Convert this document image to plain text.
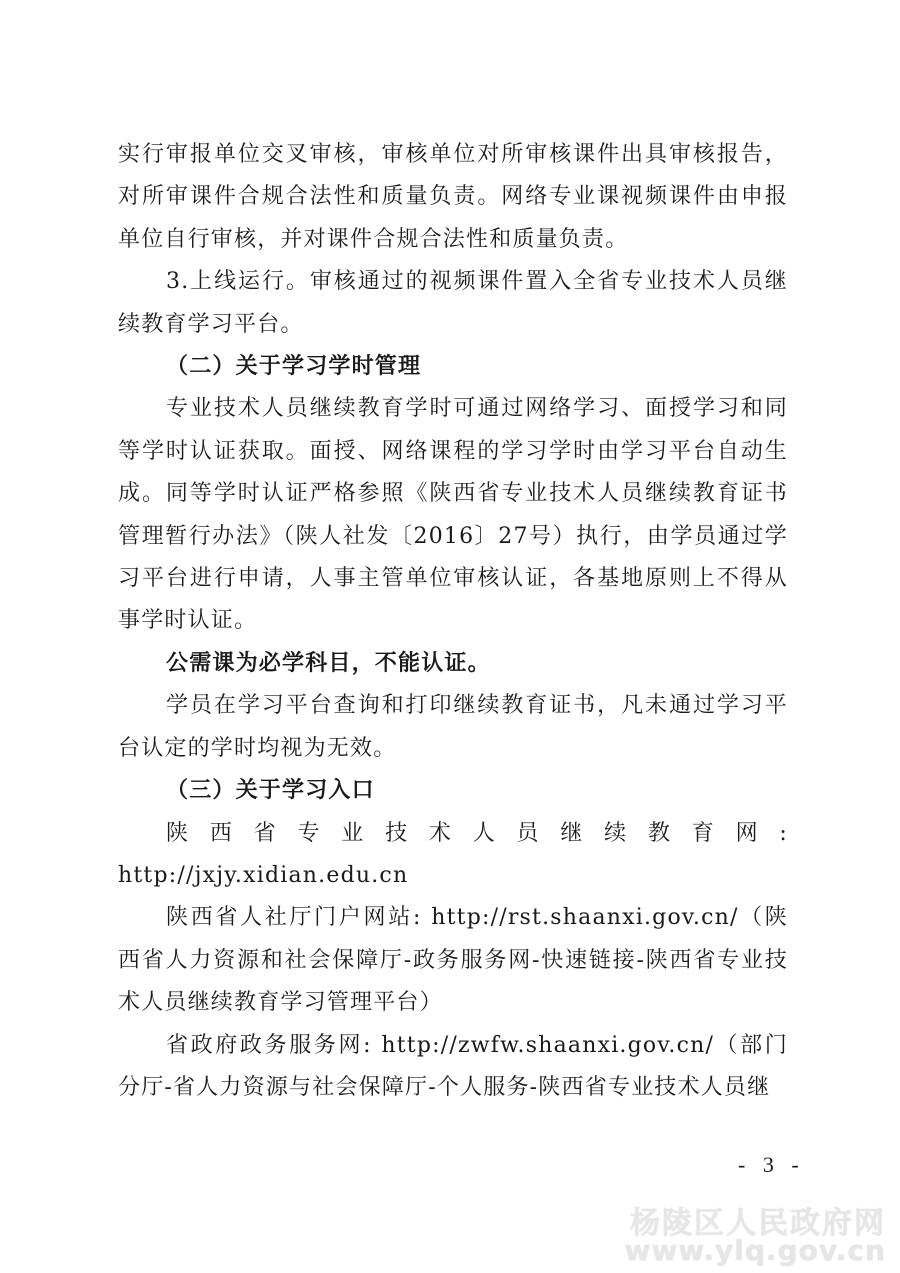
实行审报单位交叉审核，审核单位对所审核课件出具审核报告，对所审课件合规合法性和质量负责。网络专业课视频课件由申报单位自行审核，并对课件合规合法性和质量负责。

3.上线运行。审核通过的视频课件置入全省专业技术人员继续教育学习平台。

（二）关于学习学时管理

专业技术人员继续教育学时可通过网络学习、面授学习和同等学时认证获取。面授、网络课程的学习学时由学习平台自动生成。同等学时认证严格参照《陕西省专业技术人员继续教育证书管理暂行办法》（陕人社发〔2016〕27号）执行，由学员通过学习平台进行申请，人事主管单位审核认证，各基地原则上不得从事学时认证。

公需课为必学科目，不能认证。

学员在学习平台查询和打印继续教育证书，凡未通过学习平台认定的学时均视为无效。

（三）关于学习入口

陕西省专业技术人员继续教育网: http://jxjy.xidian.edu.cn

陕西省人社厅门户网站: http://rst.shaanxi.gov.cn/（陕西省人力资源和社会保障厅-政务服务网-快速链接-陕西省专业技术人员继续教育学习管理平台）

省政府政务服务网: http://zwfw.shaanxi.gov.cn/（部门分厅-省人力资源与社会保障厅-个人服务-陕西省专业技术人员继

- 3 -
杨陵区人民政府网
www.ylq.gov.cn
